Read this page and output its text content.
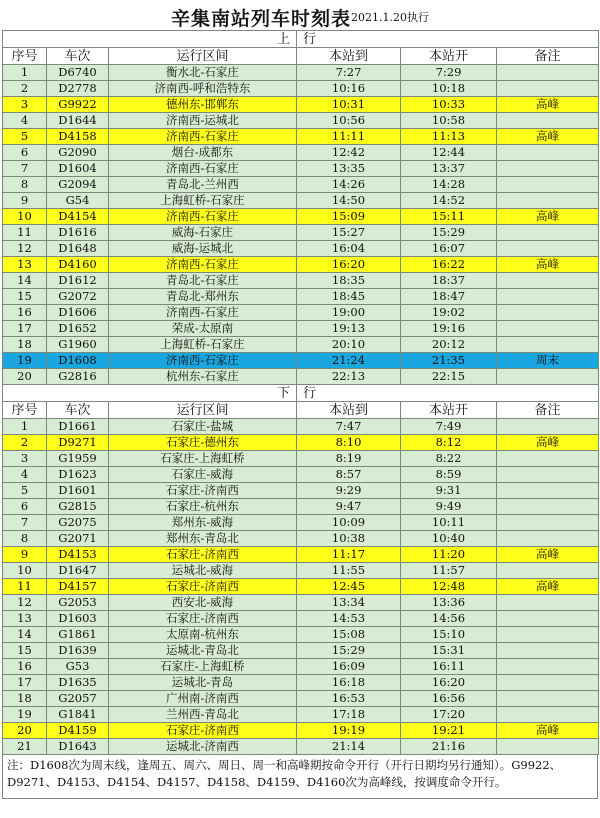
辛集南站列车时刻表2021.1.20执行
上			行		
序号	车次	运行区间	本站到	本站开	备注
1	D6740	衡水北-石家庄	7:27	7:29	
2	D2778	济南西-呼和浩特东	10:16	10:18	
3	G9922	德州东-邯郸东	10:31	10:33	高峰
4	D1644	济南西-运城北	10:56	10:58	
5	D4158	济南西-石家庄	11:11	11:13	高峰
6	G2090	烟台-成都东	12:42	12:44	
7	D1604	济南西-石家庄	13:35	13:37	
8	G2094	青岛北-兰州西	14:26	14:28	
9	G54	上海虹桥-石家庄	14:50	14:52	
10	D4154	济南西-石家庄	15:09	15:11	高峰
11	D1616	威海-石家庄	15:27	15:29	
12	D1648	威海-运城北	16:04	16:07	
13	D4160	济南西-石家庄	16:20	16:22	高峰
14	D1612	青岛北-石家庄	18:35	18:37	
15	G2072	青岛北-郑州东	18:45	18:47	
16	D1606	济南西-石家庄	19:00	19:02	
17	D1652	荣成-太原南	19:13	19:16	
18	G1960	上海虹桥-石家庄	20:10	20:12	
19	D1608	济南西-石家庄	21:24	21:35	周末
20	G2816	杭州东-石家庄	22:13	22:15	
下			行		
序号	车次	运行区间	本站到	本站开	备注
1	D1661	石家庄-盐城	7:47	7:49	
2	D9271	石家庄-德州东	8:10	8:12	高峰
3	G1959	石家庄-上海虹桥	8:19	8:22	
4	D1623	石家庄-威海	8:57	8:59	
5	D1601	石家庄-济南西	9:29	9:31	
6	G2815	石家庄-杭州东	9:47	9:49	
7	G2075	郑州东-威海	10:09	10:11	
8	G2071	郑州东-青岛北	10:38	10:40	
9	D4153	石家庄-济南西	11:17	11:20	高峰
10	D1647	运城北-威海	11:55	11:57	
11	D4157	石家庄-济南西	12:45	12:48	高峰
12	G2053	西安北-威海	13:34	13:36	
13	D1603	石家庄-济南西	14:53	14:56	
14	G1861	太原南-杭州东	15:08	15:10	
15	D1639	运城北-青岛北	15:29	15:31	
16	G53	石家庄-上海虹桥	16:09	16:11	
17	D1635	运城北-青岛	16:18	16:20	
18	G2057	广州南-济南西	16:53	16:56	
19	G1841	兰州西-青岛北	17:18	17:20	
20	D4159	石家庄-济南西	19:19	19:21	高峰
21	D1643	运城北-济南西	21:14	21:16	
注：D1608次为周末线，逢周五、周六、周日、周一和高峰期按命令开行（开行日期均另行通知）。G9922、D9271、D4153、D4154、D4157、D4158、D4159、D4160次为高峰线，按调度命令开行。
